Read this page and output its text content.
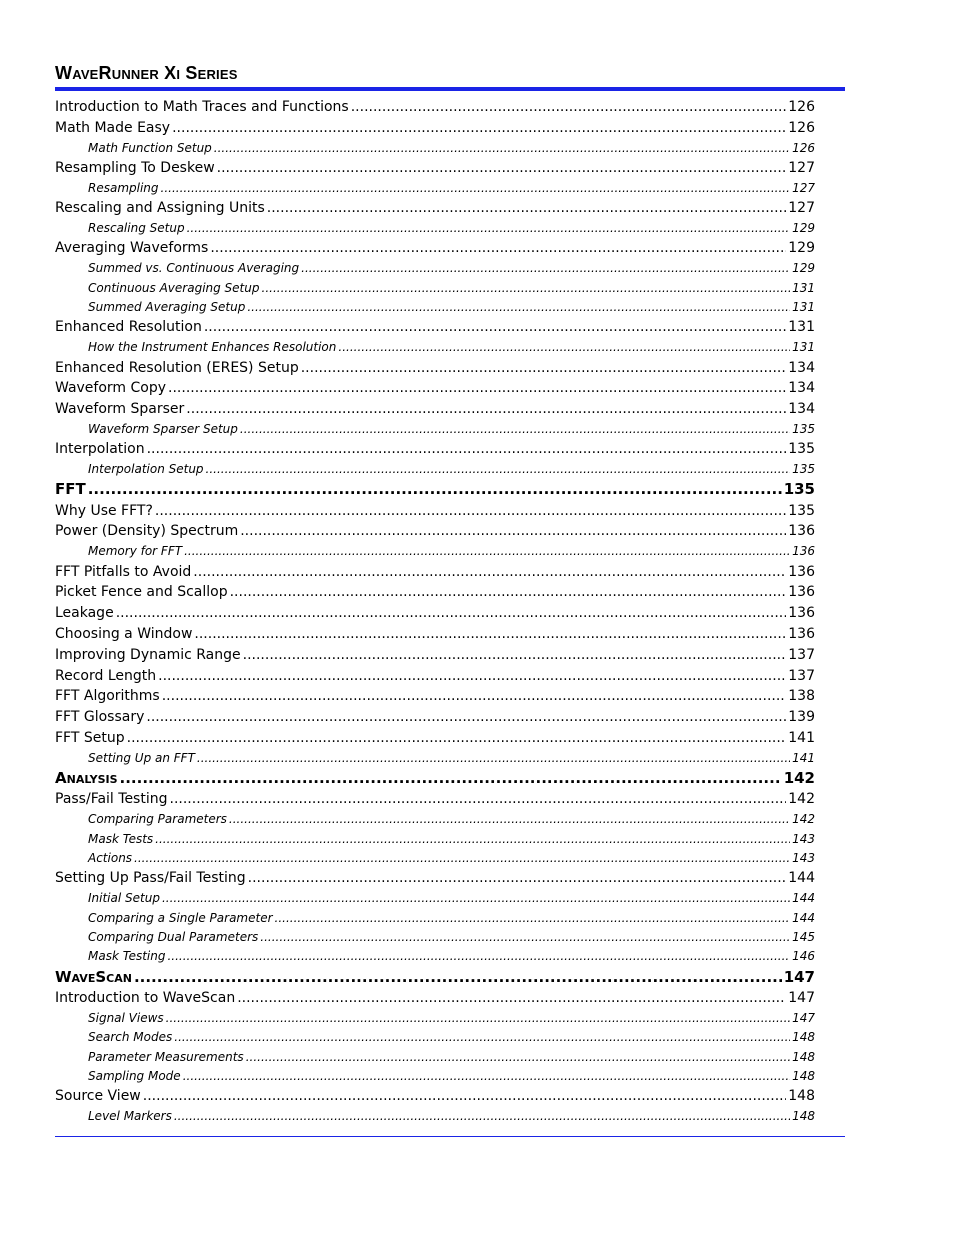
WaveRunner Xi Series
Introduction to Math Traces and Functions .....	126
Math Made Easy .....	126
Math Function Setup .....	126
Resampling To Deskew .....	127
Resampling .....	127
Rescaling and Assigning Units .....	127
Rescaling Setup .....	129
Averaging Waveforms .....	129
Summed vs. Continuous Averaging .....	129
Continuous Averaging Setup .....	131
Summed Averaging Setup .....	131
Enhanced Resolution .....	131
How the Instrument Enhances Resolution .....	131
Enhanced Resolution (ERES) Setup .....	134
Waveform Copy .....	134
Waveform Sparser .....	134
Waveform Sparser Setup .....	135
Interpolation .....	135
Interpolation Setup .....	135
FFT .....	135
Why Use FFT? .....	135
Power (Density) Spectrum .....	136
Memory for FFT .....	136
FFT Pitfalls to Avoid .....	136
Picket Fence and Scallop .....	136
Leakage .....	136
Choosing a Window .....	136
Improving Dynamic Range .....	137
Record Length .....	137
FFT Algorithms .....	138
FFT Glossary .....	139
FFT Setup .....	141
Setting Up an FFT .....	141
Analysis .....	142
Pass/Fail Testing .....	142
Comparing Parameters .....	142
Mask Tests .....	143
Actions .....	143
Setting Up Pass/Fail Testing .....	144
Initial Setup .....	144
Comparing a Single Parameter .....	144
Comparing Dual Parameters .....	145
Mask Testing .....	146
WaveScan .....	147
Introduction to WaveScan .....	147
Signal Views .....	147
Search Modes .....	148
Parameter Measurements .....	148
Sampling Mode .....	148
Source View .....	148
Level Markers .....	148
